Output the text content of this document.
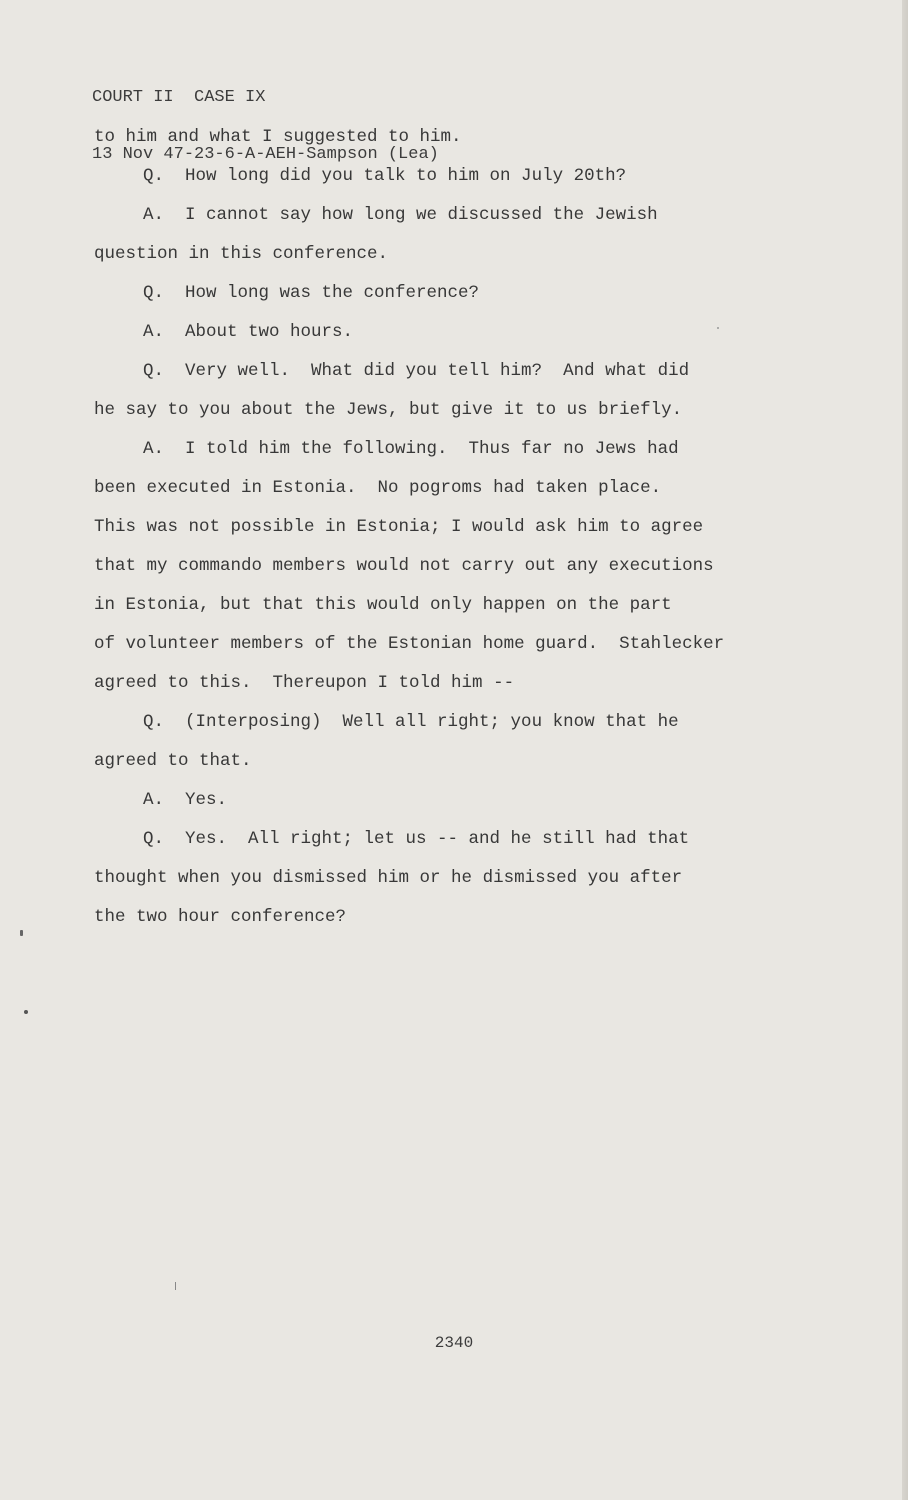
COURT II  CASE IX

13 Nov 47-23-6-A-AEH-Sampson (Lea)

to him and what I suggested to him.
Q.  How long did you talk to him on July 20th?
A.  I cannot say how long we discussed the Jewish
question in this conference.
Q.  How long was the conference?
A.  About two hours.
Q.  Very well.  What did you tell him?  And what did
he say to you about the Jews, but give it to us briefly.
A.  I told him the following.  Thus far no Jews had
been executed in Estonia.  No pogroms had taken place.
This was not possible in Estonia; I would ask him to agree
that my commando members would not carry out any executions
in Estonia, but that this would only happen on the part
of volunteer members of the Estonian home guard.  Stahlecker
agreed to this.  Thereupon I told him --
Q.  (Interposing)  Well all right; you know that he
agreed to that.
A.  Yes.
Q.  Yes.  All right; let us -- and he still had that
thought when you dismissed him or he dismissed you after
the two hour conference?
2340
